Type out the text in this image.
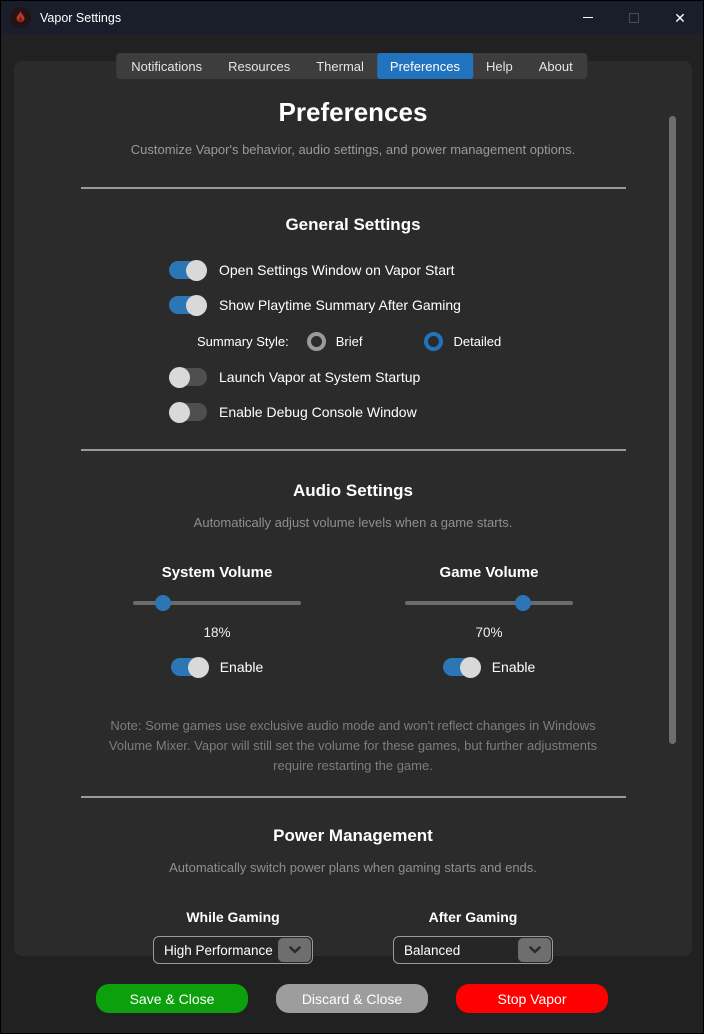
Vapor Settings	✕
Notifications	Resources	Thermal	Preferences	Help	About
Preferences
Customize Vapor's behavior, audio settings, and power management options.
General Settings
Open Settings Window on Vapor Start
Show Playtime Summary After Gaming
Summary Style:	Brief	Detailed
Launch Vapor at System Startup
Enable Debug Console Window
Audio Settings
Automatically adjust volume levels when a game starts.
System Volume
18%
Enable
Game Volume
70%
Enable
Note: Some games use exclusive audio mode and won't reflect changes in Windows Volume Mixer. Vapor will still set the volume for these games, but further adjustments require restarting the game.
Power Management
Automatically switch power plans when gaming starts and ends.
While Gaming
High Performance
After Gaming
Balanced
Save & Close	Discard & Close	Stop Vapor
